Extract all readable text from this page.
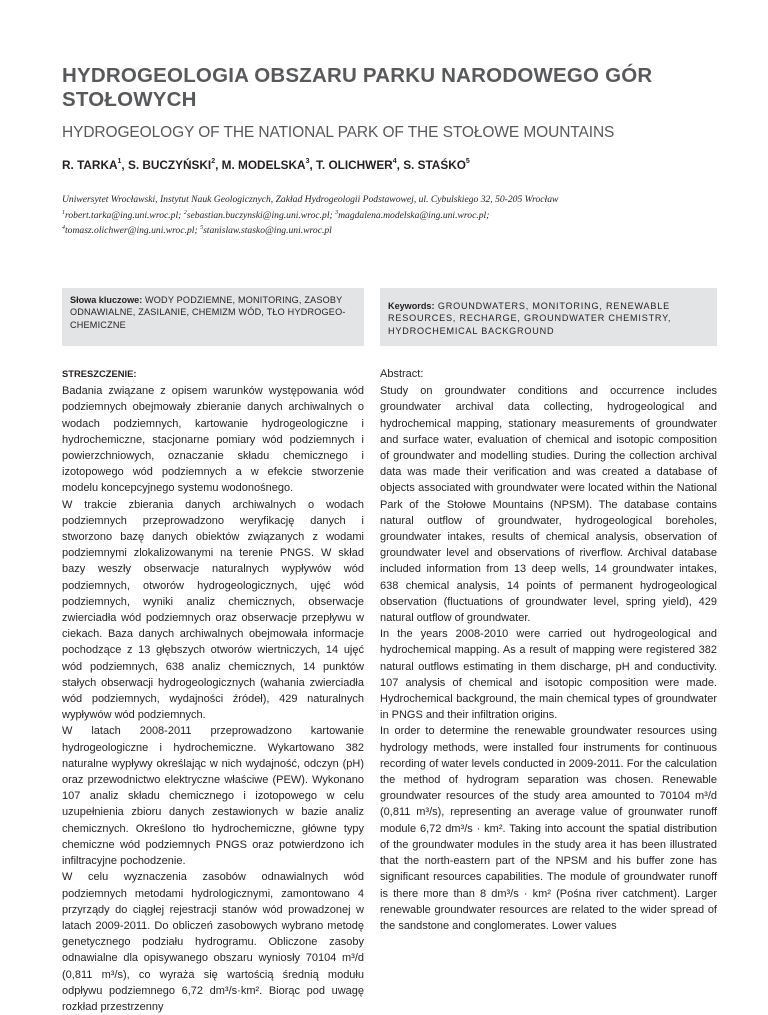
HYDROGEOLOGIA OBSZARU PARKU NARODOWEGO GÓR STOŁOWYCH
HYDROGEOLOGY OF THE NATIONAL PARK OF THE STOŁOWE MOUNTAINS
R. TARKA$^1$, S. BUCZYŃSKI$^2$, M. MODELSKA$^3$, T. OLICHWER$^4$, S. STAŚKO$^5$
Uniwersytet Wrocławski, Instytut Nauk Geologicznych, Zakład Hydrogeologii Podstawowej, ul. Cybulskiego 32, 50-205 Wrocław
$^1$robert.tarka@ing.uni.wroc.pl; $^2$sebastian.buczynski@ing.uni.wroc.pl; $^3$magdalena.modelska@ing.uni.wroc.pl;
$^4$tomasz.olichwer@ing.uni.wroc.pl; $^5$stanislaw.stasko@ing.uni.wroc.pl
Słowa kluczowe: WODY PODZIEMNE, MONITORING, ZASOBY ODNAWIALNE, ZASILANIE, CHEMIZM WÓD, TŁO HYDROGEO-CHEMICZNE
Keywords: GROUNDWATERS, MONITORING, RENEWABLE RESOURCES, RECHARGE, GROUNDWATER CHEMISTRY, HYDROCHEMICAL BACKGROUND
STRESZCZENIE:

Badania związane z opisem warunków występowania wód podziemnych obejmowały zbieranie danych archiwalnych o wodach podziemnych, kartowanie hydrogeologiczne i hydrochemiczne, stacjonarne pomiary wód podziemnych i powierzchniowych, oznaczanie składu chemicznego i izotopowego wód podziemnych a w efekcie stworzenie modelu koncepcyjnego systemu wodonośnego.

W trakcie zbierania danych archiwalnych o wodach podziemnych przeprowadzono weryfikację danych i stworzono bazę danych obiektów związanych z wodami podziemnymi zlokalizowanymi na terenie PNGS. W skład bazy weszły obserwacje naturalnych wypływów wód podziemnych, otworów hydrogeologicznych, ujęć wód podziemnych, wyniki analiz chemicznych, obserwacje zwierciadła wód podziemnych oraz obserwacje przepływu w ciekach. Baza danych archiwalnych obejmowała informacje pochodzące z 13 głębszych otworów wiertniczych, 14 ujęć wód podziemnych, 638 analiz chemicznych, 14 punktów stałych obserwacji hydrogeologicznych (wahania zwierciadła wód podziemnych, wydajności źródeł), 429 naturalnych wypływów wód podziemnych.

W latach 2008-2011 przeprowadzono kartowanie hydrogeologiczne i hydrochemiczne. Wykartowano 382 naturalne wypływy określając w nich wydajność, odczyn (pH) oraz przewodnictwo elektryczne właściwe (PEW). Wykonano 107 analiz składu chemicznego i izotopowego w celu uzupełnienia zbioru danych zestawionych w bazie analiz chemicznych. Określono tło hydrochemiczne, główne typy chemiczne wód podziemnych PNGS oraz potwierdzono ich infiltracyjne pochodzenie.

W celu wyznaczenia zasobów odnawialnych wód podziemnych metodami hydrologicznymi, zamontowano 4 przyrządy do ciągłej rejestracji stanów wód prowadzonej w latach 2009-2011. Do obliczeń zasobowych wybrano metodę genetycznego podziału hydrogramu. Obliczone zasoby odnawialne dla opisywanego obszaru wyniosły 70104 m³/d (0,811 m³/s), co wyraża się wartością średnią modułu odpływu podziemnego 6,72 dm³/s·km². Biorąc pod uwagę rozkład przestrzenny

Abstract:

Study on groundwater conditions and occurrence includes groundwater archival data collecting, hydrogeological and hydrochemical mapping, stationary measurements of groundwater and surface water, evaluation of chemical and isotopic composition of groundwater and modelling studies. During the collection archival data was made their verification and was created a database of objects associated with groundwater were located within the National Park of the Stołowe Mountains (NPSM). The database contains natural outflow of groundwater, hydrogeological boreholes, groundwater intakes, results of chemical analysis, observation of groundwater level and observations of riverflow. Archival database included information from 13 deep wells, 14 groundwater intakes, 638 chemical analysis, 14 points of permanent hydrogeological observation (fluctuations of groundwater level, spring yield), 429 natural outflow of groundwater.

In the years 2008-2010 were carried out hydrogeological and hydrochemical mapping. As a result of mapping were registered 382 natural outflows estimating in them discharge, pH and conductivity. 107 analysis of chemical and isotopic composition were made. Hydrochemical background, the main chemical types of groundwater in PNGS and their infiltration origins.

In order to determine the renewable groundwater resources using hydrology methods, were installed four instruments for continuous recording of water levels conducted in 2009-2011. For the calculation the method of hydrogram separation was chosen. Renewable groundwater resources of the study area amounted to 70104 m³/d (0,811 m³/s), representing an average value of grounwater runoff module 6,72 dm³/s · km². Taking into account the spatial distribution of the groundwater modules in the study area it has been illustrated that the north-eastern part of the NPSM and his buffer zone has significant resources capabilities. The module of groundwater runoff is there more than 8 dm³/s · km² (Pośna river catchment). Larger renewable groundwater resources are related to the wider spread of the sandstone and conglomerates. Lower values
